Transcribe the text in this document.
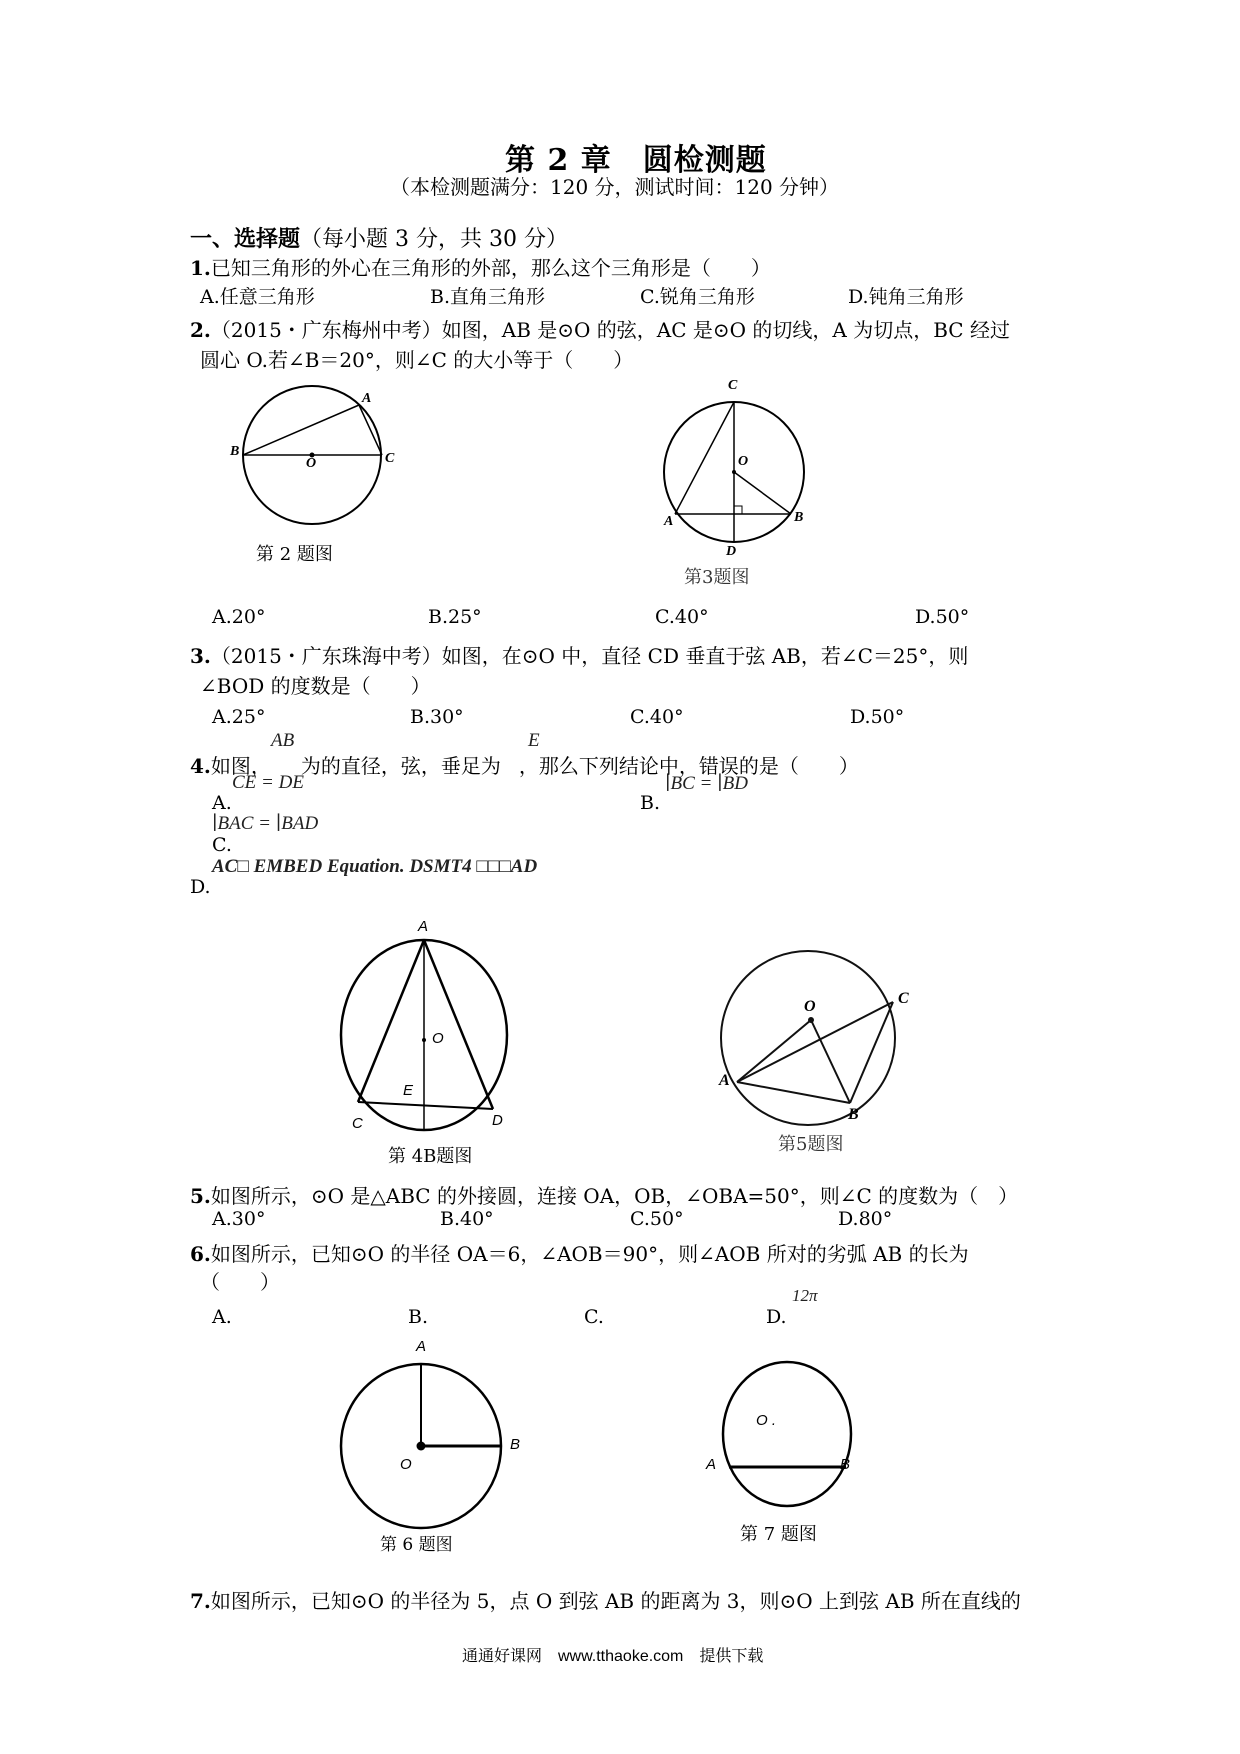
第 2 章　圆检测题
（本检测题满分：120 分，测试时间：120 分钟）
一、选择题（每小题 3 分，共 30 分）
1.已知三角形的外心在三角形的外部，那么这个三角形是（　　）
A.任意三角形	B.直角三角形	C.锐角三角形	D.钝角三角形
2.（2015・广东梅州中考）如图，AB 是⊙O 的弦，AC 是⊙O 的切线，A 为切点，BC 经过
圆心 O.若∠B＝20°，则∠C 的大小等于（　　）
A
B
O	C
第 2 题图
C
O
A	B
D
第3题图
A.20°	B.25°	C.40°	D.50°
3.（2015・广东珠海中考）如图，在⊙O 中，直径 CD 垂直于弦 AB，若∠C＝25°，则
∠BOD 的度数是（　　）
A.25°	B.30°	C.40°	D.50°
AB	E
4.如图， 为的直径，弦，垂足为 ，那么下列结论中，错误的是（　　）
CE = DE
A.
∣BC = ∣BD
B.
∣BAC = ∣BAD
C.
AC□ EMBED Equation. DSMT4 □□□AD
D.
A
O
E
C	D
第 4B题图
O	C
A
B
第5题图
5.如图所示，⊙O 是△ABC 的外接圆，连接 OA，OB，∠OBA=50°，则∠C 的度数为（　）
A.30°	B.40°	C.50°	D.80°
6.如图所示，已知⊙O 的半径 OA＝6，∠AOB＝90°，则∠AOB 所对的劣弧 AB 的长为
（　　）
12π
A.	B.	C.	D.
A
O
B
第 6 题图
O .
A	B
第 7 题图
7.如图所示，已知⊙O 的半径为 5，点 O 到弦 AB 的距离为 3，则⊙O 上到弦 AB 所在直线的
通通好课网　www.tthaoke.com　提供下载
